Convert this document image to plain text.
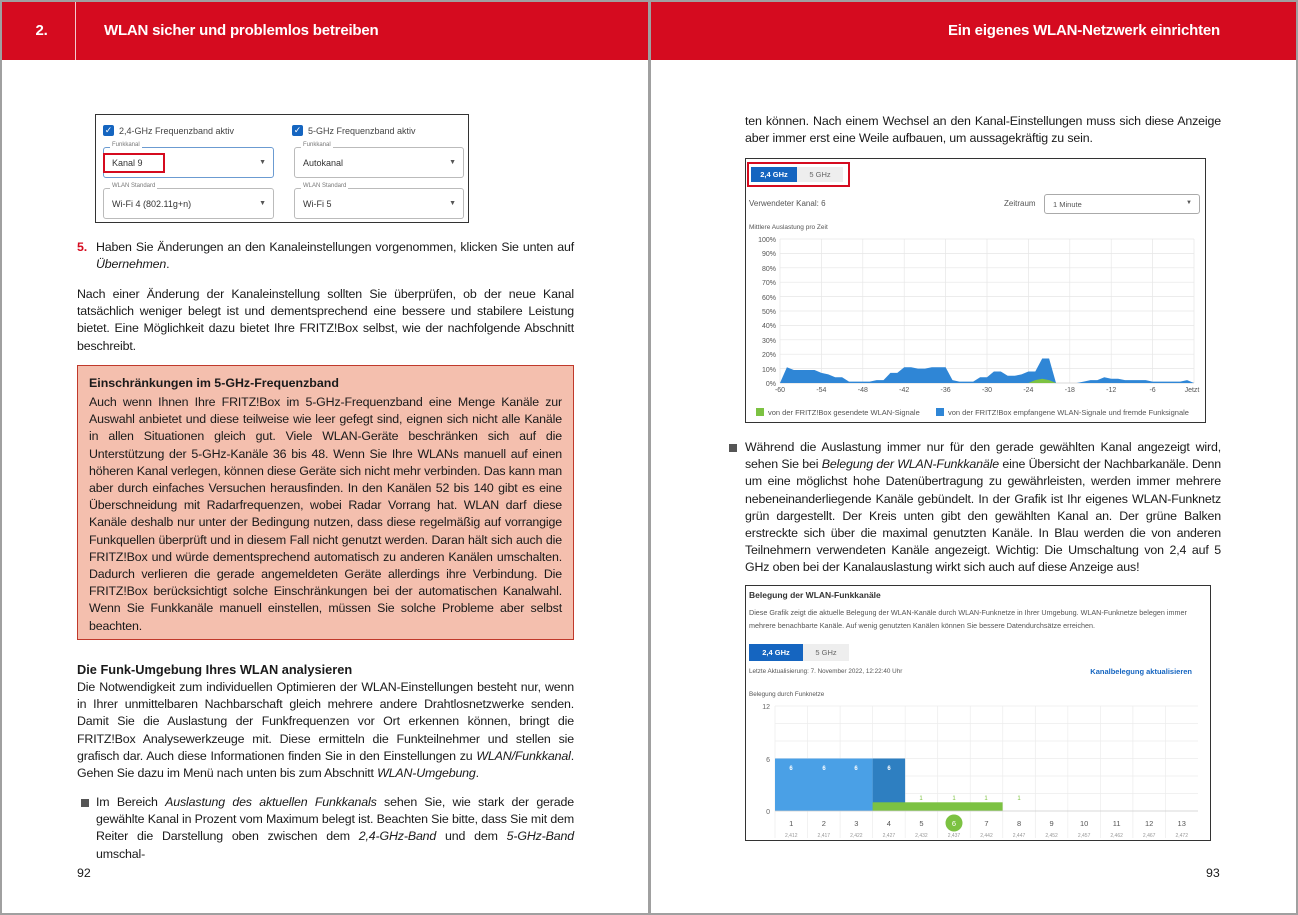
2.	WLAN sicher und problemlos betreiben
✓ 2,4-GHz Frequenzband aktiv	✓ 5-GHz Frequenzband aktiv
Funkkanal
Kanal 9	▼
Funkkanal
Autokanal	▼
WLAN Standard
Wi-Fi 4 (802.11g+n)	▼
WLAN Standard
Wi-Fi 5	▼
5. Haben Sie Änderungen an den Kanaleinstellungen vorgenommen, klicken Sie unten auf Übernehmen.
Nach einer Änderung der Kanaleinstellung sollten Sie überprüfen, ob der neue Kanal tatsächlich weniger belegt ist und dementsprechend eine bessere und stabilere Leistung bietet. Eine Möglichkeit dazu bietet Ihre FRITZ!Box selbst, wie der nachfolgende Abschnitt beschreibt.
Einschränkungen im 5-GHz-Frequenzband
Auch wenn Ihnen Ihre FRITZ!Box im 5-GHz-Frequenzband eine Menge Kanäle zur Auswahl anbietet und diese teilweise wie leer gefegt sind, eignen sich nicht alle Kanäle in allen Situationen gleich gut. Viele WLAN-Geräte beschränken sich auf die Unterstützung der 5-GHz-Kanäle 36 bis 48. Wenn Sie Ihre WLANs manuell auf einen höheren Kanal verlegen, können diese Geräte sich nicht mehr verbinden. Das kann man aber durch einfaches Versuchen herausfinden. In den Kanälen 52 bis 140 gibt es eine Überschneidung mit Radarfrequenzen, wobei Radar Vorrang hat. WLAN darf diese Kanäle deshalb nur unter der Bedingung nutzen, dass diese regelmäßig auf vorrangige Funkquellen überprüft und in diesem Fall nicht genutzt werden. Daran hält sich auch die FRITZ!Box und würde dementsprechend automatisch zu anderen Kanälen umschalten. Dadurch verlieren die gerade angemeldeten Geräte allerdings ihre Verbindung. Die FRITZ!Box berücksichtigt solche Einschränkungen bei der automatischen Kanalwahl. Wenn Sie Funkkanäle manuell einstellen, müssen Sie solche Probleme aber selbst beachten.
Die Funk-Umgebung Ihres WLAN analysieren
Die Notwendigkeit zum individuellen Optimieren der WLAN-Einstellungen besteht nur, wenn in Ihrer unmittelbaren Nachbarschaft gleich mehrere andere Drahtlosnetzwerke senden. Damit Sie die Auslastung der Funkfrequenzen vor Ort erkennen können, bringt die FRITZ!Box Analysewerkzeuge mit. Diese ermitteln die Funkteilnehmer und stellen sie grafisch dar. Auch diese Informationen finden Sie in den Einstellungen zu WLAN/Funkkanal. Gehen Sie dazu im Menü nach unten bis zum Abschnitt WLAN-Umgebung.
Im Bereich Auslastung des aktuellen Funkkanals sehen Sie, wie stark der gerade gewählte Kanal in Prozent vom Maximum belegt ist. Beachten Sie bitte, dass Sie mit dem Reiter die Darstellung oben zwischen dem 2,4-GHz-Band und dem 5-GHz-Band umschal-
92
Ein eigenes WLAN-Netzwerk einrichten
ten können. Nach einem Wechsel an den Kanal-Einstellungen muss sich diese Anzeige aber immer erst eine Weile aufbauen, um aussagekräftig zu sein.
2,4 GHz	5 GHz
Verwendeter Kanal: 6	Zeitraum 1 Minute	▼
Mittlere Auslastung pro Zeit
100%
90%
80%
70%
60%
50%
40%
30%
20%
10%
0%
-60	-54	-48	-42	-36	-30	-24	-18	-12	-6	Jetzt
von der FRITZ!Box gesendete WLAN-Signale	von der FRITZ!Box empfangene WLAN-Signale und fremde Funksignale
Während die Auslastung immer nur für den gerade gewählten Kanal angezeigt wird, sehen Sie bei Belegung der WLAN-Funkkanäle eine Übersicht der Nachbarkanäle. Denn um eine möglichst hohe Datenübertragung zu gewährleisten, werden immer mehrere nebeneinanderliegende Kanäle gebündelt. In der Grafik ist Ihr eigenes WLAN-Funknetz grün dargestellt. Der Kreis unten gibt den gewählten Kanal an. Der grüne Balken erstreckte sich über die maximal genutzten Kanäle. In Blau werden die von anderen Teilnehmern verwendeten Kanäle angezeigt. Wichtig: Die Umschaltung von 2,4 auf 5 GHz oben bei der Kanalauslastung wirkt sich auch auf diese Anzeige aus!
Belegung der WLAN-Funkkanäle
Diese Grafik zeigt die aktuelle Belegung der WLAN-Kanäle durch WLAN-Funknetze in Ihrer Umgebung. WLAN-Funknetze belegen immer mehrere benachbarte Kanäle. Auf wenig genutzten Kanälen können Sie bessere Datendurchsätze erreichen.
2,4 GHz	5 GHz
Letzte Aktualisierung: 7. November 2022, 12:22:40 Uhr	Kanalbelegung aktualisieren
Belegung durch Funknetze
12
6
0
6	6	6	6
1	1	1	1
1
2,412
2
2,417
3
2,422
4
2,427
5
2,432
6
2,437
7
2,442
8
2,447
9
2,452
10
2,457
11
2,462
12
2,467
13
2,472
93
